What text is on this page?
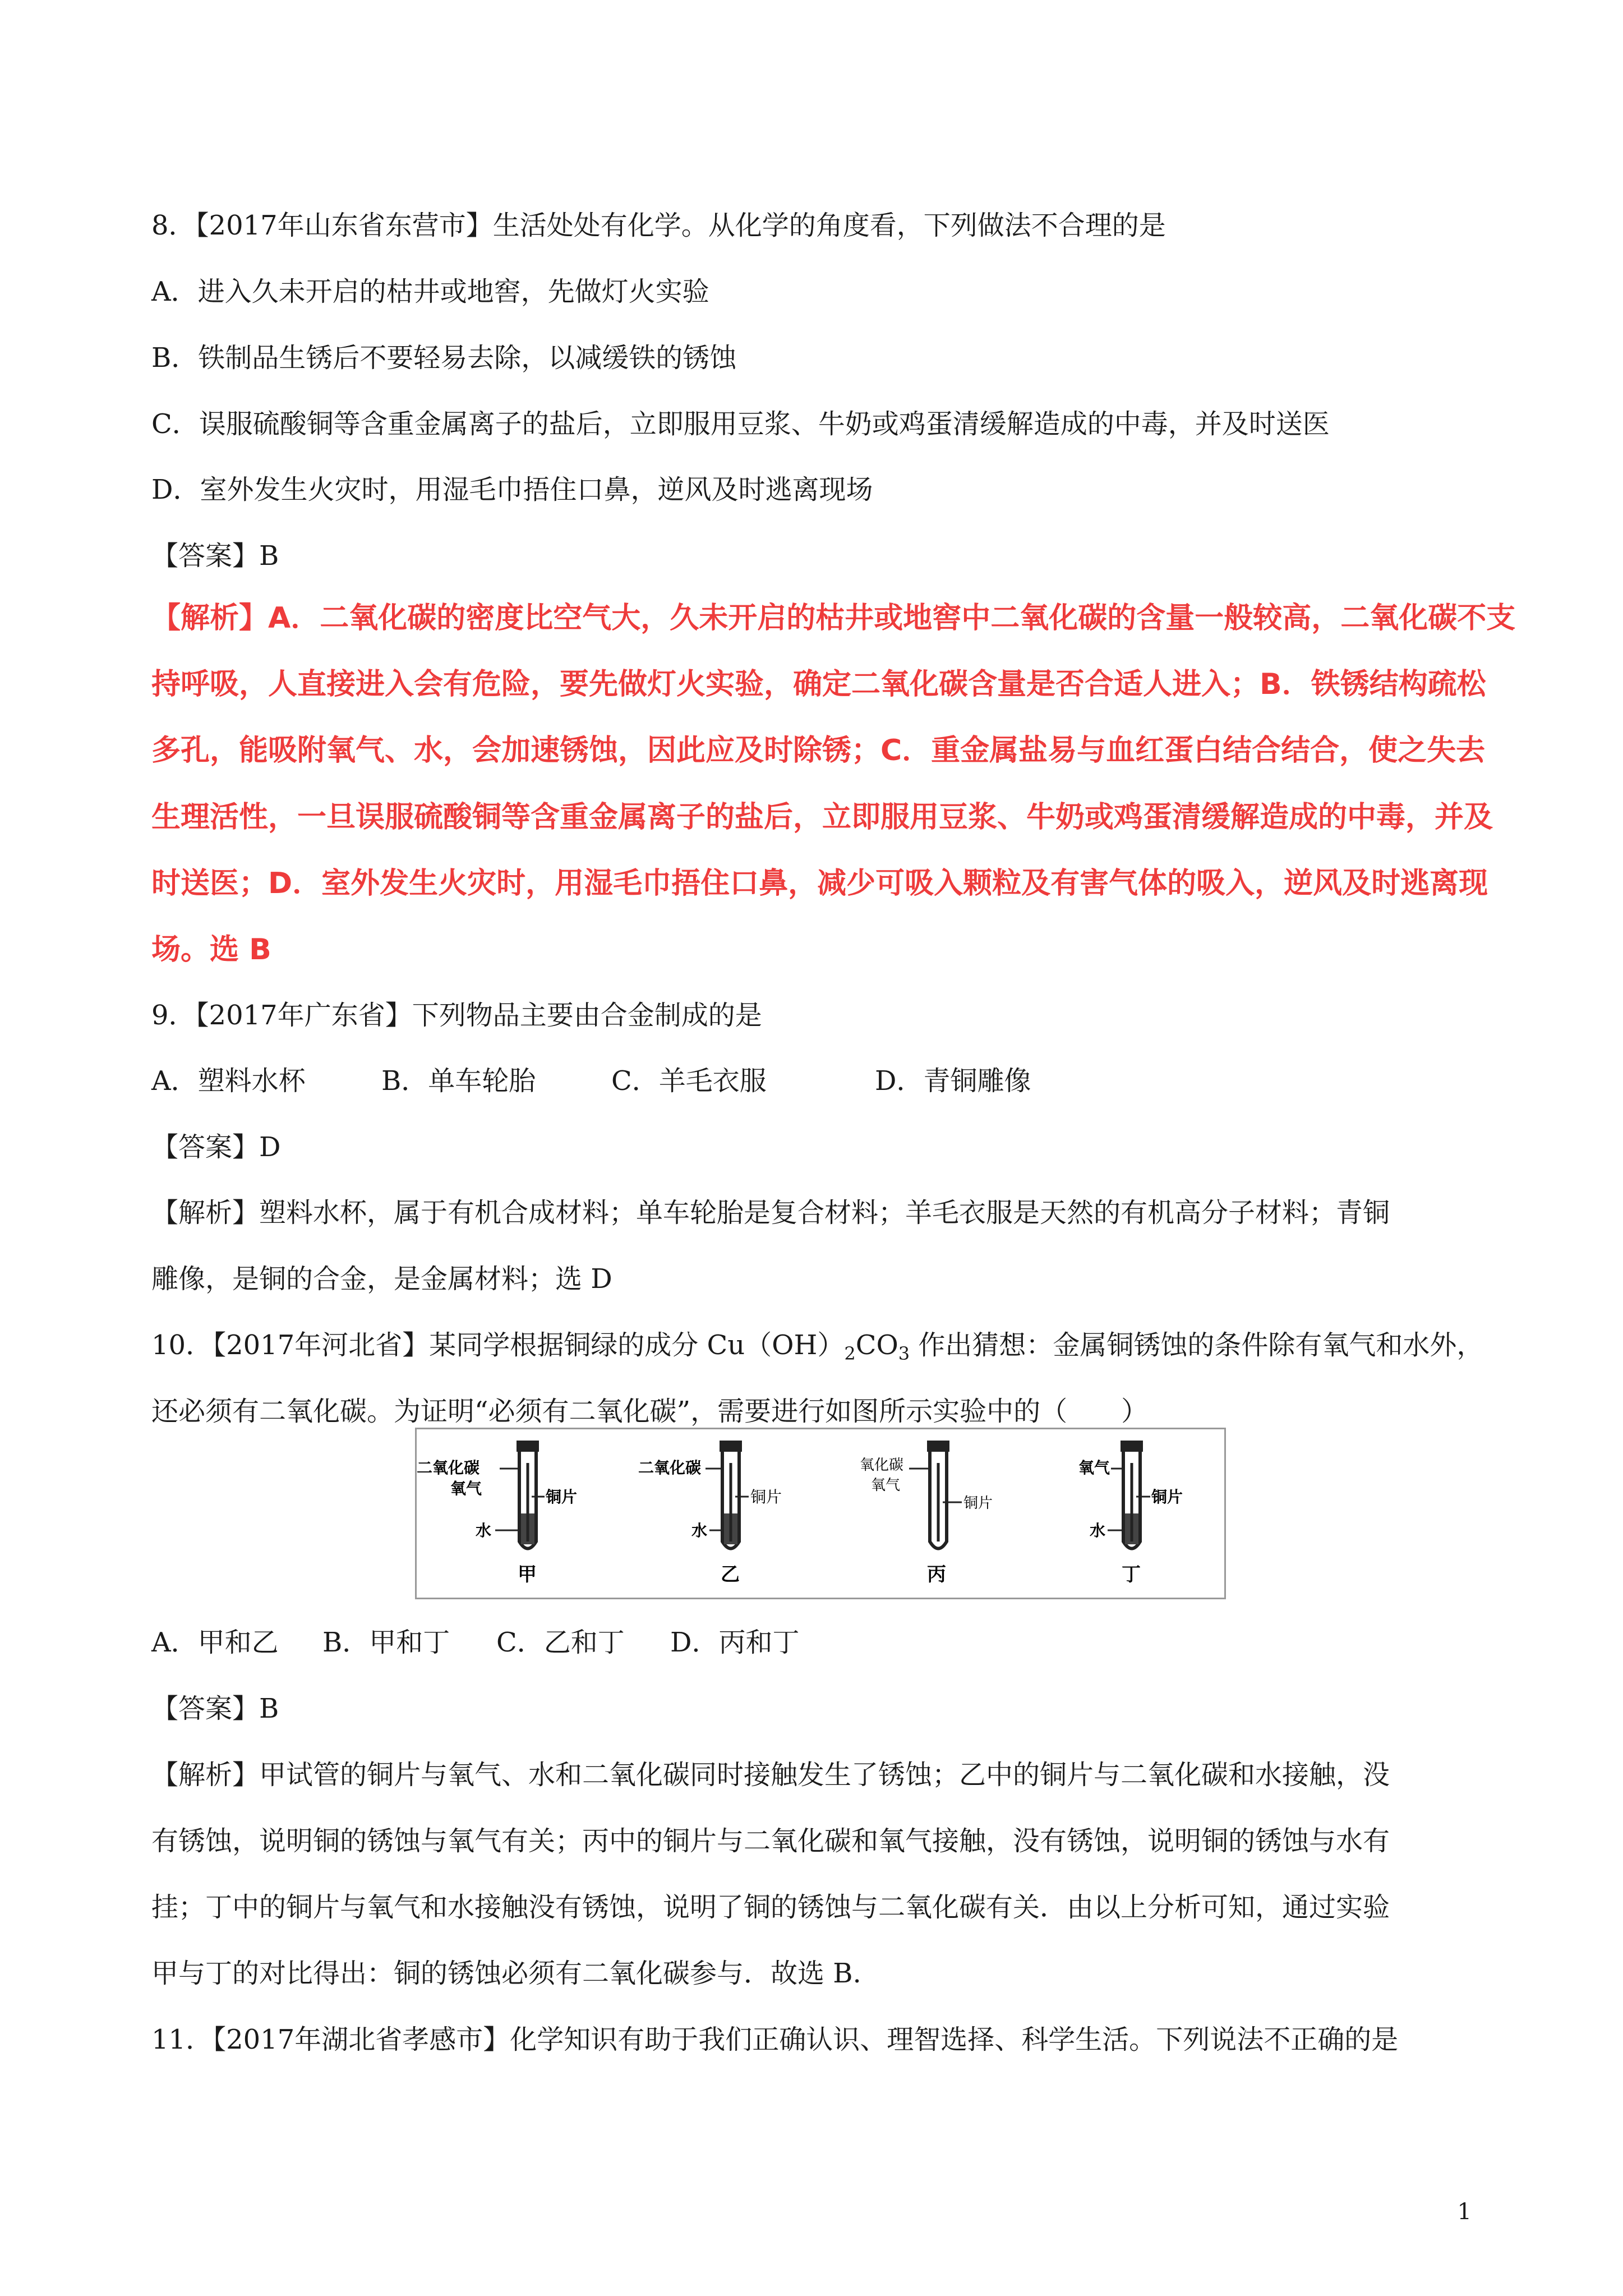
8．【2017年山东省东营市】生活处处有化学。从化学的角度看，下列做法不合理的是
A．进入久未开启的枯井或地窖，先做灯火实验
B．铁制品生锈后不要轻易去除，以减缓铁的锈蚀
C．误服硫酸铜等含重金属离子的盐后，立即服用豆浆、牛奶或鸡蛋清缓解造成的中毒，并及时送医
D．室外发生火灾时，用湿毛巾捂住口鼻，逆风及时逃离现场
【答案】B
【解析】A．二氧化碳的密度比空气大，久未开启的枯井或地窖中二氧化碳的含量一般较高，二氧化碳不支
持呼吸，人直接进入会有危险，要先做灯火实验，确定二氧化碳含量是否合适人进入；B．铁锈结构疏松
多孔，能吸附氧气、水，会加速锈蚀，因此应及时除锈；C．重金属盐易与血红蛋白结合结合，使之失去
生理活性，一旦误服硫酸铜等含重金属离子的盐后，立即服用豆浆、牛奶或鸡蛋清缓解造成的中毒，并及
时送医；D．室外发生火灾时，用湿毛巾捂住口鼻，减少可吸入颗粒及有害气体的吸入，逆风及时逃离现
场。选 B
9．【2017年广东省】下列物品主要由合金制成的是
A．塑料水杯	B．单车轮胎	C．羊毛衣服	D．青铜雕像
【答案】D
【解析】塑料水杯，属于有机合成材料；单车轮胎是复合材料；羊毛衣服是天然的有机高分子材料；青铜
雕像，是铜的合金，是金属材料；选 D
10．【2017年河北省】某同学根据铜绿的成分 $Cu(OH)_2CO_3$ 作出猜想：金属铜锈蚀的条件除有氧气和水外，
还必须有二氧化碳。为证明“必须有二氧化碳”，需要进行如图所示实验中的（　　）
二氧化碳
氧气	铜片
水
甲
二氧化碳
铜片
水
乙
氧化碳
氧气
铜片
丙
氧气
铜片
水
丁
A．甲和乙 B．甲和丁 C．乙和丁 D．丙和丁
【答案】B
【解析】甲试管的铜片与氧气、水和二氧化碳同时接触发生了锈蚀；乙中的铜片与二氧化碳和水接触，没
有锈蚀，说明铜的锈蚀与氧气有关；丙中的铜片与二氧化碳和氧气接触，没有锈蚀，说明铜的锈蚀与水有
挂；丁中的铜片与氧气和水接触没有锈蚀，说明了铜的锈蚀与二氧化碳有关．由以上分析可知，通过实验
甲与丁的对比得出：铜的锈蚀必须有二氧化碳参与．故选 B.
11．【2017年湖北省孝感市】化学知识有助于我们正确认识、理智选择、科学生活。下列说法不正确的是
1
